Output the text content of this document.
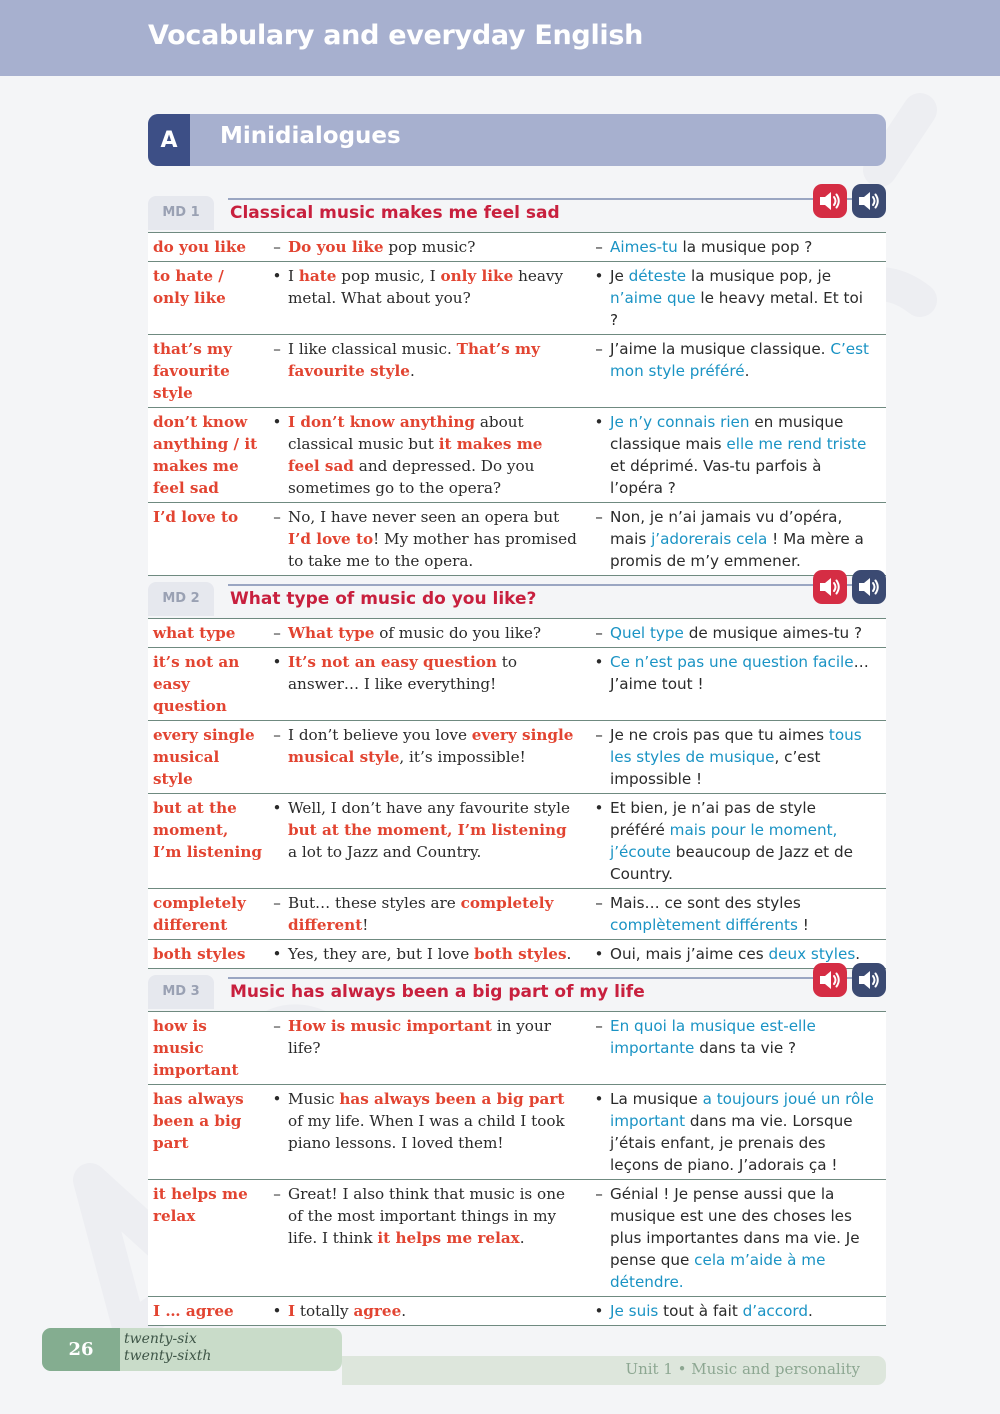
Vocabulary and everyday English
A	Minidialogues
MD 1	Classical music makes me feel sad
do you like	–	Do you like pop music?	–	Aimes-tu la musique pop ?
to hate / only like	•	I hate pop music, I only like heavy metal. What about you?	•	Je déteste la musique pop, je n’aime que le heavy metal. Et toi ?
that’s my favourite style	–	I like classical music. That’s my favourite style.	–	J’aime la musique classique. C’est mon style préféré.
don’t know anything / it makes me feel sad	•	I don’t know anything about classical music but it makes me feel sad and depressed. Do you sometimes go to the opera?	•	Je n’y connais rien en musique classique mais elle me rend triste et déprimé. Vas-tu parfois à l’opéra ?
I’d love to	–	No, I have never seen an opera but I’d love to! My mother has promised to take me to the opera.	–	Non, je n’ai jamais vu d’opéra, mais j’adorerais cela ! Ma mère a promis de m’y emmener.
MD 2	What type of music do you like?
what type	–	What type of music do you like?	–	Quel type de musique aimes-tu ?
it’s not an easy question	•	It’s not an easy question to answer… I like everything!	•	Ce n’est pas une question facile… J’aime tout !
every single musical style	–	I don’t believe you love every single musical style, it’s impossible!	–	Je ne crois pas que tu aimes tous les styles de musique, c’est impossible !
but at the moment, I’m listening	•	Well, I don’t have any favourite style but at the moment, I’m listening a lot to Jazz and Country.	•	Et bien, je n’ai pas de style préféré mais pour le moment, j’écoute beaucoup de Jazz et de Country.
completely different	–	But… these styles are completely different!	–	Mais… ce sont des styles complètement différents !
both styles	•	Yes, they are, but I love both styles.	•	Oui, mais j’aime ces deux styles.
MD 3	Music has always been a big part of my life
how is music important	–	How is music important in your life?	–	En quoi la musique est-elle importante dans ta vie ?
has always been a big part	•	Music has always been a big part of my life. When I was a child I took piano lessons. I loved them!	•	La musique a toujours joué un rôle important dans ma vie. Lorsque j’étais enfant, je prenais des leçons de piano. J’adorais ça !
it helps me relax	–	Great! I also think that music is one of the most important things in my life. I think it helps me relax.	–	Génial ! Je pense aussi que la musique est une des choses les plus importantes dans ma vie. Je pense que cela m’aide à me détendre.
I … agree	•	I totally agree.	•	Je suis tout à fait d’accord.
26	twenty-six
twenty-sixth
Unit 1 • Music and personality
